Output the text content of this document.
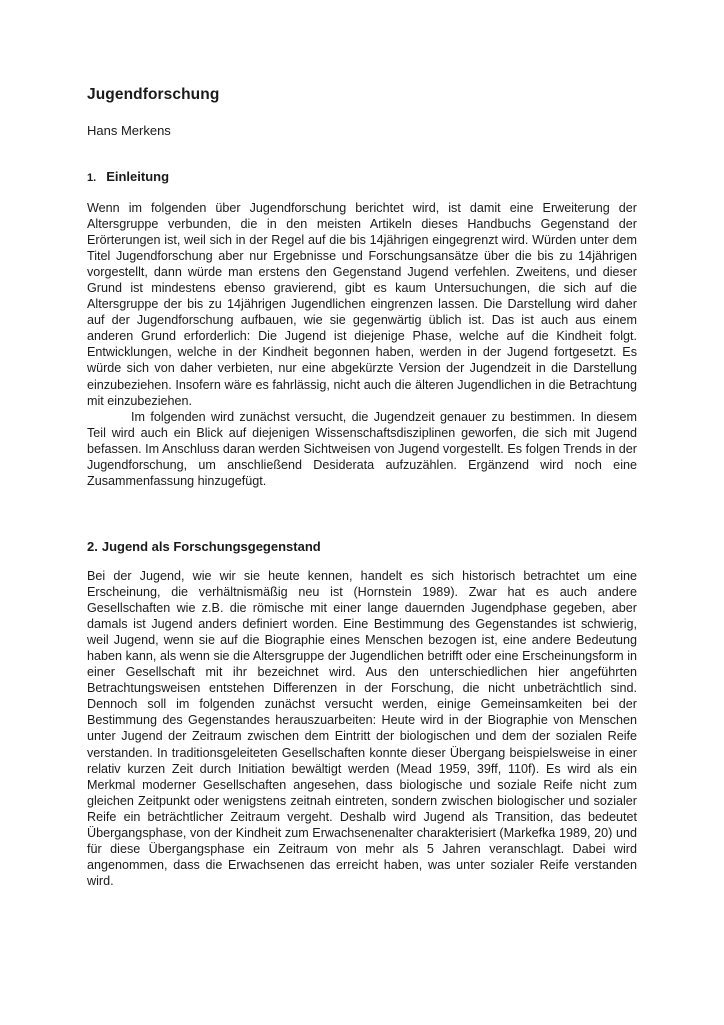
Jugendforschung
Hans Merkens
1. Einleitung

Wenn im folgenden über Jugendforschung berichtet wird, ist damit eine Erweiterung der Altersgruppe verbunden, die in den meisten Artikeln dieses Handbuchs Gegenstand der Erörterungen ist, weil sich in der Regel auf die bis 14jährigen eingegrenzt wird. Würden unter dem Titel Jugendforschung aber nur Ergebnisse und Forschungsansätze über die bis zu 14jährigen vorgestellt, dann würde man erstens den Gegenstand Jugend verfehlen. Zweitens, und dieser Grund ist mindestens ebenso gravierend, gibt es kaum Untersuchungen, die sich auf die Altersgruppe der bis zu 14jährigen Jugendlichen eingrenzen lassen. Die Darstellung wird daher auf der Jugendforschung aufbauen, wie sie gegenwärtig üblich ist. Das ist auch aus einem anderen Grund erforderlich: Die Jugend ist diejenige Phase, welche auf die Kindheit folgt. Entwicklungen, welche in der Kindheit begonnen haben, werden in der Jugend fortgesetzt. Es würde sich von daher verbieten, nur eine abgekürzte Version der Jugendzeit in die Darstellung einzubeziehen. Insofern wäre es fahrlässig, nicht auch die älteren Jugendlichen in die Betrachtung mit einzubeziehen.

Im folgenden wird zunächst versucht, die Jugendzeit genauer zu bestimmen. In diesem Teil wird auch ein Blick auf diejenigen Wissenschaftsdisziplinen geworfen, die sich mit Jugend befassen. Im Anschluss daran werden Sichtweisen von Jugend vorgestellt. Es folgen Trends in der Jugendforschung, um anschließend Desiderata aufzuzählen. Ergänzend wird noch eine Zusammenfassung hinzugefügt.

2. Jugend als Forschungsgegenstand

Bei der Jugend, wie wir sie heute kennen, handelt es sich historisch betrachtet um eine Erscheinung, die verhältnismäßig neu ist (Hornstein 1989). Zwar hat es auch andere Gesellschaften wie z.B. die römische mit einer lange dauernden Jugendphase gegeben, aber damals ist Jugend anders definiert worden. Eine Bestimmung des Gegenstandes ist schwierig, weil Jugend, wenn sie auf die Biographie eines Menschen bezogen ist, eine andere Bedeutung haben kann, als wenn sie die Altersgruppe der Jugendlichen betrifft oder eine Erscheinungsform in einer Gesellschaft mit ihr bezeichnet wird. Aus den unterschiedlichen hier angeführten Betrachtungsweisen entstehen Differenzen in der Forschung, die nicht unbeträchtlich sind. Dennoch soll im folgenden zunächst versucht werden, einige Gemeinsamkeiten bei der Bestimmung des Gegenstandes herauszuarbeiten: Heute wird in der Biographie von Menschen unter Jugend der Zeitraum zwischen dem Eintritt der biologischen und dem der sozialen Reife verstanden. In traditionsgeleiteten Gesellschaften konnte dieser Übergang beispielsweise in einer relativ kurzen Zeit durch Initiation bewältigt werden (Mead 1959, 39ff, 110f). Es wird als ein Merkmal moderner Gesellschaften angesehen, dass biologische und soziale Reife nicht zum gleichen Zeitpunkt oder wenigstens zeitnah eintreten, sondern zwischen biologischer und sozialer Reife ein beträchtlicher Zeitraum vergeht. Deshalb wird Jugend als Transition, das bedeutet Übergangsphase, von der Kindheit zum Erwachsenenalter charakterisiert (Markefka 1989, 20) und für diese Übergangsphase ein Zeitraum von mehr als 5 Jahren veranschlagt. Dabei wird angenommen, dass die Erwachsenen das erreicht haben, was unter sozialer Reife verstanden wird.
